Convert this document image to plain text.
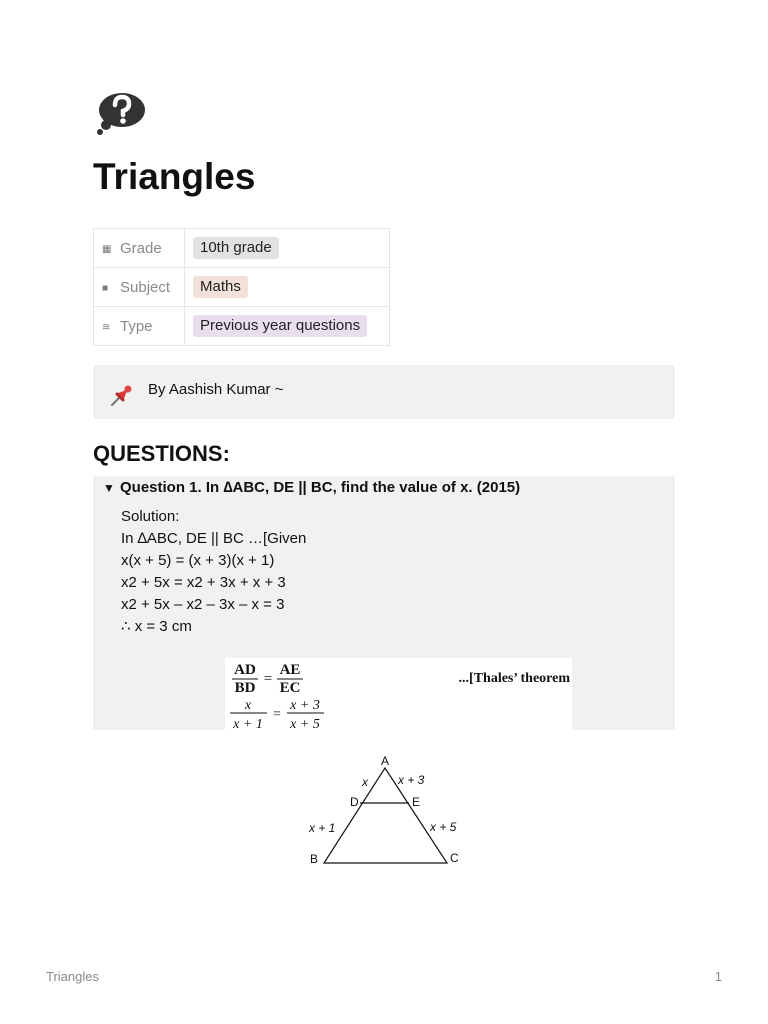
Triangles
▦ Grade	10th grade
■ Subject	Maths
≋ Type	Previous year questions
By Aashish Kumar ~
QUESTIONS:
▼ Question 1. In ∆ABC, DE || BC, find the value of x. (2015)
Solution:
In ∆ABC, DE || BC …[Given
x(x + 5) = (x + 3)(x + 1)
x2 + 5x = x2 + 3x + x + 3
x2 + 5x – x2 – 3x – x = 3
∴ x = 3 cm
AD
BD
=
AE
EC
...[Thales’ theorem
x
x + 1
=
x + 3
x + 5
A
B	C
D	E
x	x + 3
x + 1	x + 5
Triangles	1
